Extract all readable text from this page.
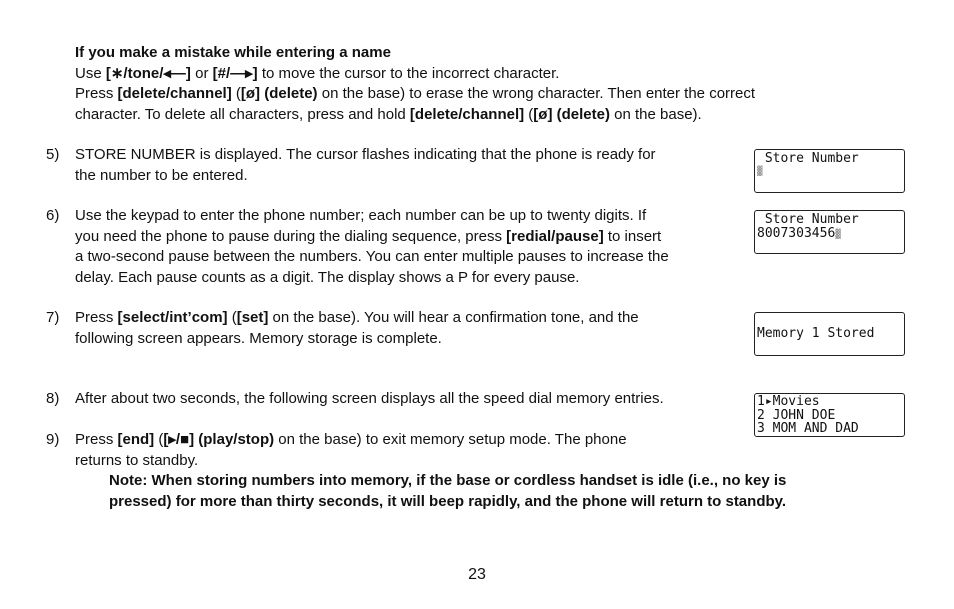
If you make a mistake while entering a name
Use [∗/tone/◂—] or [#/—▸] to move the cursor to the incorrect character.
Press [delete/channel] ([ø] (delete) on the base) to erase the wrong character. Then enter the correct
character. To delete all characters, press and hold [delete/channel] ([ø] (delete) on the base).
5) STORE NUMBER is displayed. The cursor flashes indicating that the phone is ready for
the number to be entered.
6) Use the keypad to enter the phone number; each number can be up to twenty digits. If
you need the phone to pause during the dialing sequence, press [redial/pause] to insert
a two-second pause between the numbers. You can enter multiple pauses to increase the
delay. Each pause counts as a digit. The display shows a P for every pause.
7) Press [select/int’com] ([set] on the base). You will hear a confirmation tone, and the
following screen appears. Memory storage is complete.
8) After about two seconds, the following screen displays all the speed dial memory entries.
9) Press [end] ([▸/■] (play/stop) on the base) to exit memory setup mode. The phone
returns to standby.
Note: When storing numbers into memory, if the base or cordless handset is idle (i.e., no key is
pressed) for more than thirty seconds, it will beep rapidly, and the phone will return to standby.
Store Number
▓
Store Number
8007303456▓
Memory 1 Stored
1▸Movies
2 JOHN DOE
3 MOM AND DAD
23
